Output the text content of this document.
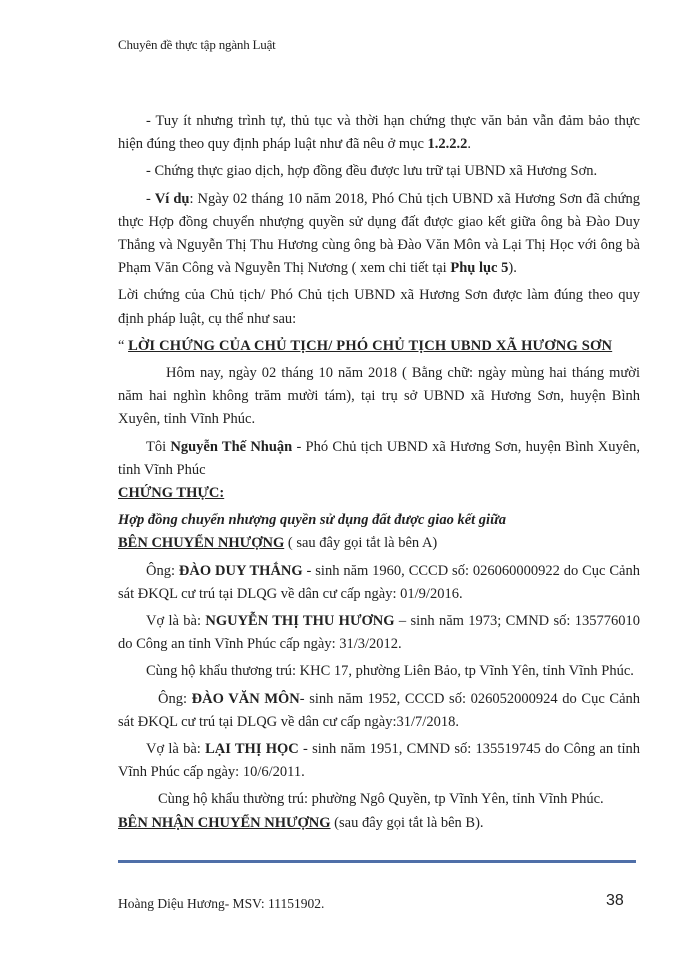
Chuyên đề thực tập ngành Luật

- Tuy ít nhưng trình tự, thủ tục và thời hạn chứng thực văn bản vẫn đảm bảo thực hiện đúng theo quy định pháp luật như đã nêu ở mục 1.2.2.2.

- Chứng thực giao dịch, hợp đồng đều được lưu trữ tại UBND xã Hương Sơn.

- Ví dụ: Ngày 02 tháng 10 năm 2018, Phó Chủ tịch UBND xã Hương Sơn đã chứng thực Hợp đồng chuyển nhượng quyền sử dụng đất được giao kết giữa ông bà Đào Duy Thắng và Nguyễn Thị Thu Hương cùng ông bà Đào Văn Môn và Lại Thị Học với ông bà Phạm Văn Công và Nguyễn Thị Nương ( xem chi tiết tại Phụ lục 5).

Lời chứng của Chủ tịch/ Phó Chủ tịch UBND xã Hương Sơn được làm đúng theo quy định pháp luật, cụ thể như sau:

“ LỜI CHỨNG CỦA CHỦ TỊCH/ PHÓ CHỦ TỊCH UBND XÃ HƯƠNG SƠN

Hôm nay, ngày 02 tháng 10 năm 2018 ( Bằng chữ: ngày mùng hai tháng mười năm hai nghìn không trăm mười tám), tại trụ sở UBND xã Hương Sơn, huyện Bình Xuyên, tỉnh Vĩnh Phúc.

Tôi Nguyễn Thế Nhuận - Phó Chủ tịch UBND xã Hương Sơn, huyện Bình Xuyên, tỉnh Vĩnh Phúc

CHỨNG THỰC:

Hợp đồng chuyển nhượng quyền sử dụng đất được giao kết giữa

BÊN CHUYỂN NHƯỢNG ( sau đây gọi tắt là bên A)

Ông: ĐÀO DUY THẮNG - sinh năm 1960, CCCD số: 026060000922 do Cục Cảnh sát ĐKQL cư trú tại DLQG về dân cư cấp ngày: 01/9/2016.

Vợ là bà: NGUYỄN THỊ THU HƯƠNG – sinh năm 1973; CMND số: 135776010 do Công an tỉnh Vĩnh Phúc cấp ngày: 31/3/2012.

Cùng hộ khẩu thương trú: KHC 17, phường Liên Bảo, tp Vĩnh Yên, tỉnh Vĩnh Phúc.

Ông: ĐÀO VĂN MÔN- sinh năm 1952, CCCD số: 026052000924 do Cục Cảnh sát ĐKQL cư trú tại DLQG về dân cư cấp ngày:31/7/2018.

Vợ là bà: LẠI THỊ HỌC - sinh năm 1951, CMND số: 135519745 do Công an tỉnh Vĩnh Phúc cấp ngày: 10/6/2011.

Cùng hộ khẩu thường trú: phường Ngô Quyền, tp Vĩnh Yên, tỉnh Vĩnh Phúc.

BÊN NHẬN CHUYỂN NHƯỢNG (sau đây gọi tắt là bên B).

Hoàng Diệu Hương- MSV: 11151902.	38
